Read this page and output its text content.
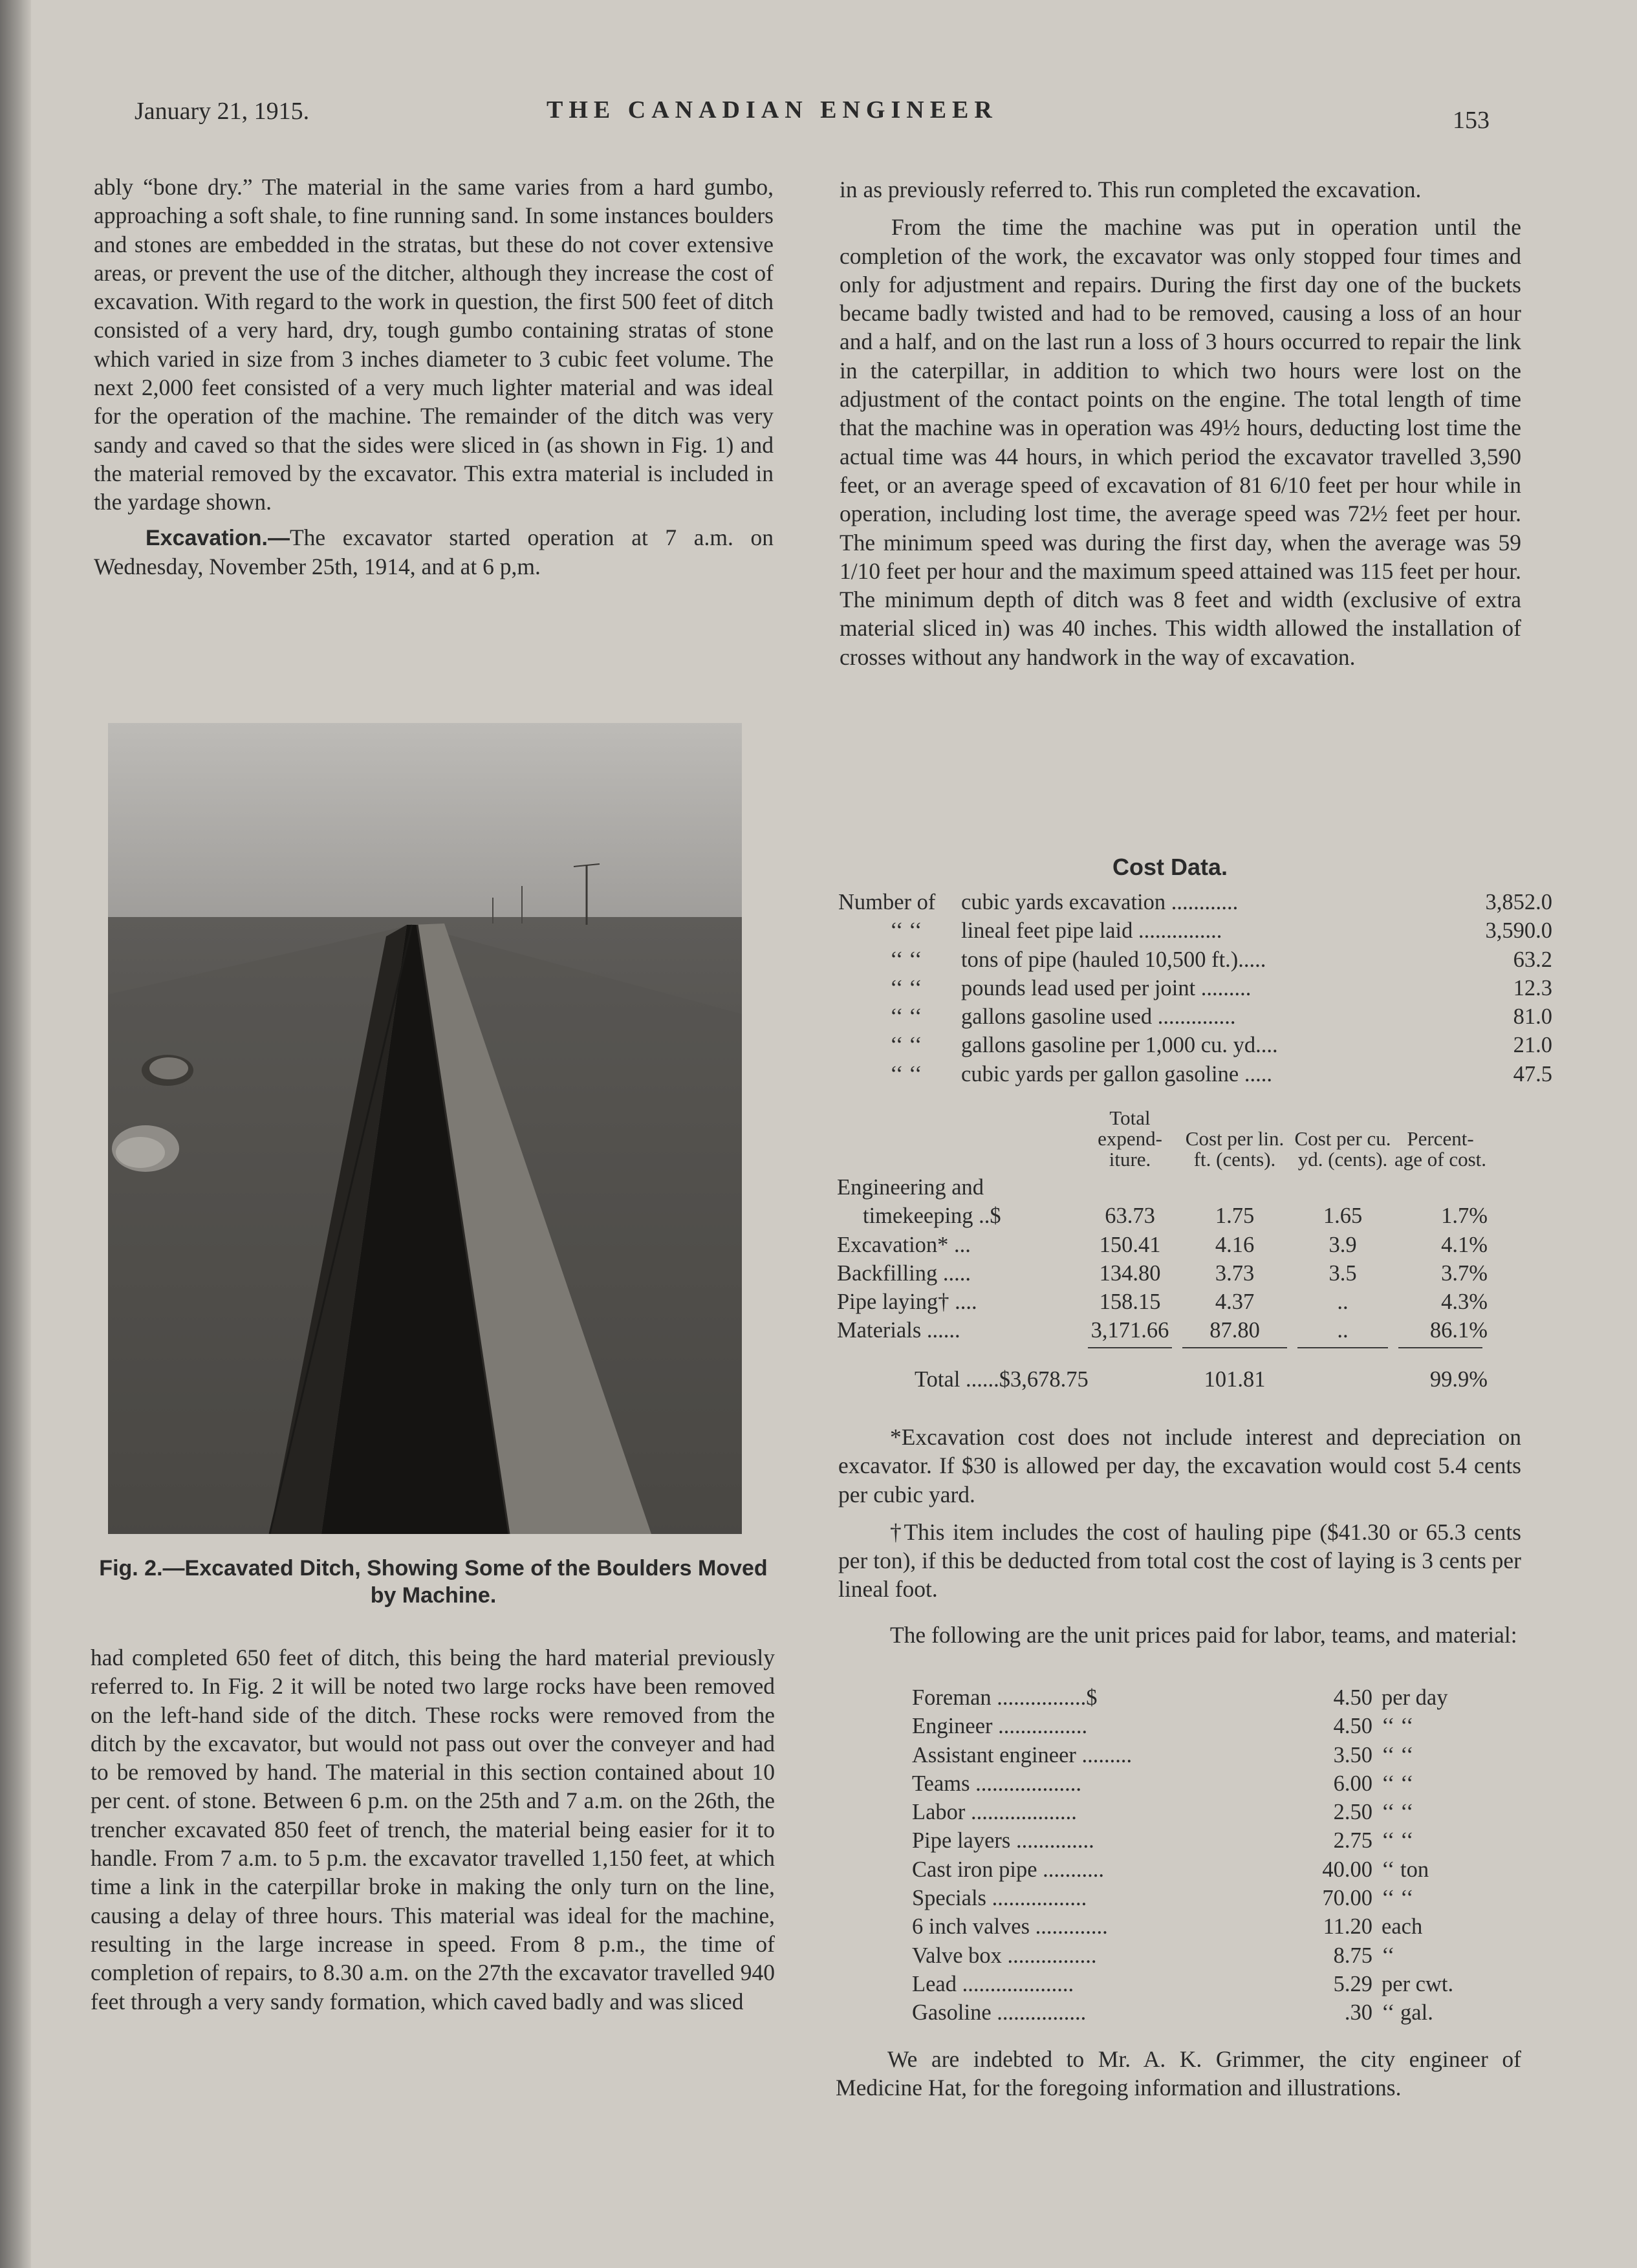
January 21, 1915.	THE CANADIAN ENGINEER	153

ably “bone dry.” The material in the same varies from a hard gumbo, approaching a soft shale, to fine running sand. In some instances boulders and stones are embedded in the stratas, but these do not cover extensive areas, or prevent the use of the ditcher, although they increase the cost of excavation. With regard to the work in question, the first 500 feet of ditch consisted of a very hard, dry, tough gumbo containing stratas of stone which varied in size from 3 inches diameter to 3 cubic feet volume. The next 2,000 feet consisted of a very much lighter material and was ideal for the operation of the machine. The remainder of the ditch was very sandy and caved so that the sides were sliced in (as shown in Fig. 1) and the material removed by the excavator. This extra material is included in the yardage shown.

Excavation.—The excavator started operation at 7 a.m. on Wednesday, November 25th, 1914, and at 6 p,m.

Fig. 2.—Excavated Ditch, Showing Some of the Boulders Moved by Machine.

had completed 650 feet of ditch, this being the hard material previously referred to. In Fig. 2 it will be noted two large rocks have been removed on the left-hand side of the ditch. These rocks were removed from the ditch by the excavator, but would not pass out over the conveyer and had to be removed by hand. The material in this section contained about 10 per cent. of stone. Between 6 p.m. on the 25th and 7 a.m. on the 26th, the trencher excavated 850 feet of trench, the material being easier for it to handle. From 7 a.m. to 5 p.m. the excavator travelled 1,150 feet, at which time a link in the caterpillar broke in making the only turn on the line, causing a delay of three hours. This material was ideal for the machine, resulting in the large increase in speed. From 8 p.m., the time of completion of repairs, to 8.30 a.m. on the 27th the excavator travelled 940 feet through a very sandy formation, which caved badly and was sliced

in as previously referred to. This run completed the excavation.

From the time the machine was put in operation until the completion of the work, the excavator was only stopped four times and only for adjustment and repairs. During the first day one of the buckets became badly twisted and had to be removed, causing a loss of an hour and a half, and on the last run a loss of 3 hours occurred to repair the link in the caterpillar, in addition to which two hours were lost on the adjustment of the contact points on the engine. The total length of time that the machine was in operation was 49½ hours, deducting lost time the actual time was 44 hours, in which period the excavator travelled 3,590 feet, or an average speed of excavation of 81 6/10 feet per hour while in operation, including lost time, the average speed was 72½ feet per hour. The minimum speed was during the first day, when the average was 59 1/10 feet per hour and the maximum speed attained was 115 feet per hour. The minimum depth of ditch was 8 feet and width (exclusive of extra material sliced in) was 40 inches. This width allowed the installation of crosses without any handwork in the way of excavation.

Cost Data.
Number of	cubic yards excavation ............	3,852.0
‘‘ ‘‘	lineal feet pipe laid ...............	3,590.0
‘‘ ‘‘	tons of pipe (hauled 10,500 ft.).....	63.2
‘‘ ‘‘	pounds lead used per joint .........	12.3
‘‘ ‘‘	gallons gasoline used ..............	81.0
‘‘ ‘‘	gallons gasoline per 1,000 cu. yd....	21.0
‘‘ ‘‘	cubic yards per gallon gasoline .....	47.5
	Total expend- iture.	Cost per lin. ft. (cents).	Cost per cu. yd. (cents).	Percent- age of cost.
Engineering and				
timekeeping ..$	63.73	1.75	1.65	1.7%
Excavation* ...	150.41	4.16	3.9	4.1%
Backfilling .....	134.80	3.73	3.5	3.7%
Pipe laying† ....	158.15	4.37	..	4.3%
Materials ......	3,171.66	87.80	..	86.1%

Total ......$3,678.75		101.81		99.9%

*Excavation cost does not include interest and depreciation on excavator. If $30 is allowed per day, the excavation would cost 5.4 cents per cubic yard.

†This item includes the cost of hauling pipe ($41.30 or 65.3 cents per ton), if this be deducted from total cost the cost of laying is 3 cents per lineal foot.

The following are the unit prices paid for labor, teams, and material:

Foreman ................$	4.50	per day
Engineer ................	4.50	‘‘ ‘‘
Assistant engineer .........	3.50	‘‘ ‘‘
Teams ...................	6.00	‘‘ ‘‘
Labor ...................	2.50	‘‘ ‘‘
Pipe layers ..............	2.75	‘‘ ‘‘
Cast iron pipe ...........	40.00	‘‘ ton
Specials .................	70.00	‘‘ ‘‘
6 inch valves .............	11.20	each
Valve box ................	8.75	‘‘
Lead ....................	5.29	per cwt.
Gasoline ................	.30	‘‘ gal.

We are indebted to Mr. A. K. Grimmer, the city engineer of Medicine Hat, for the foregoing information and illustrations.
